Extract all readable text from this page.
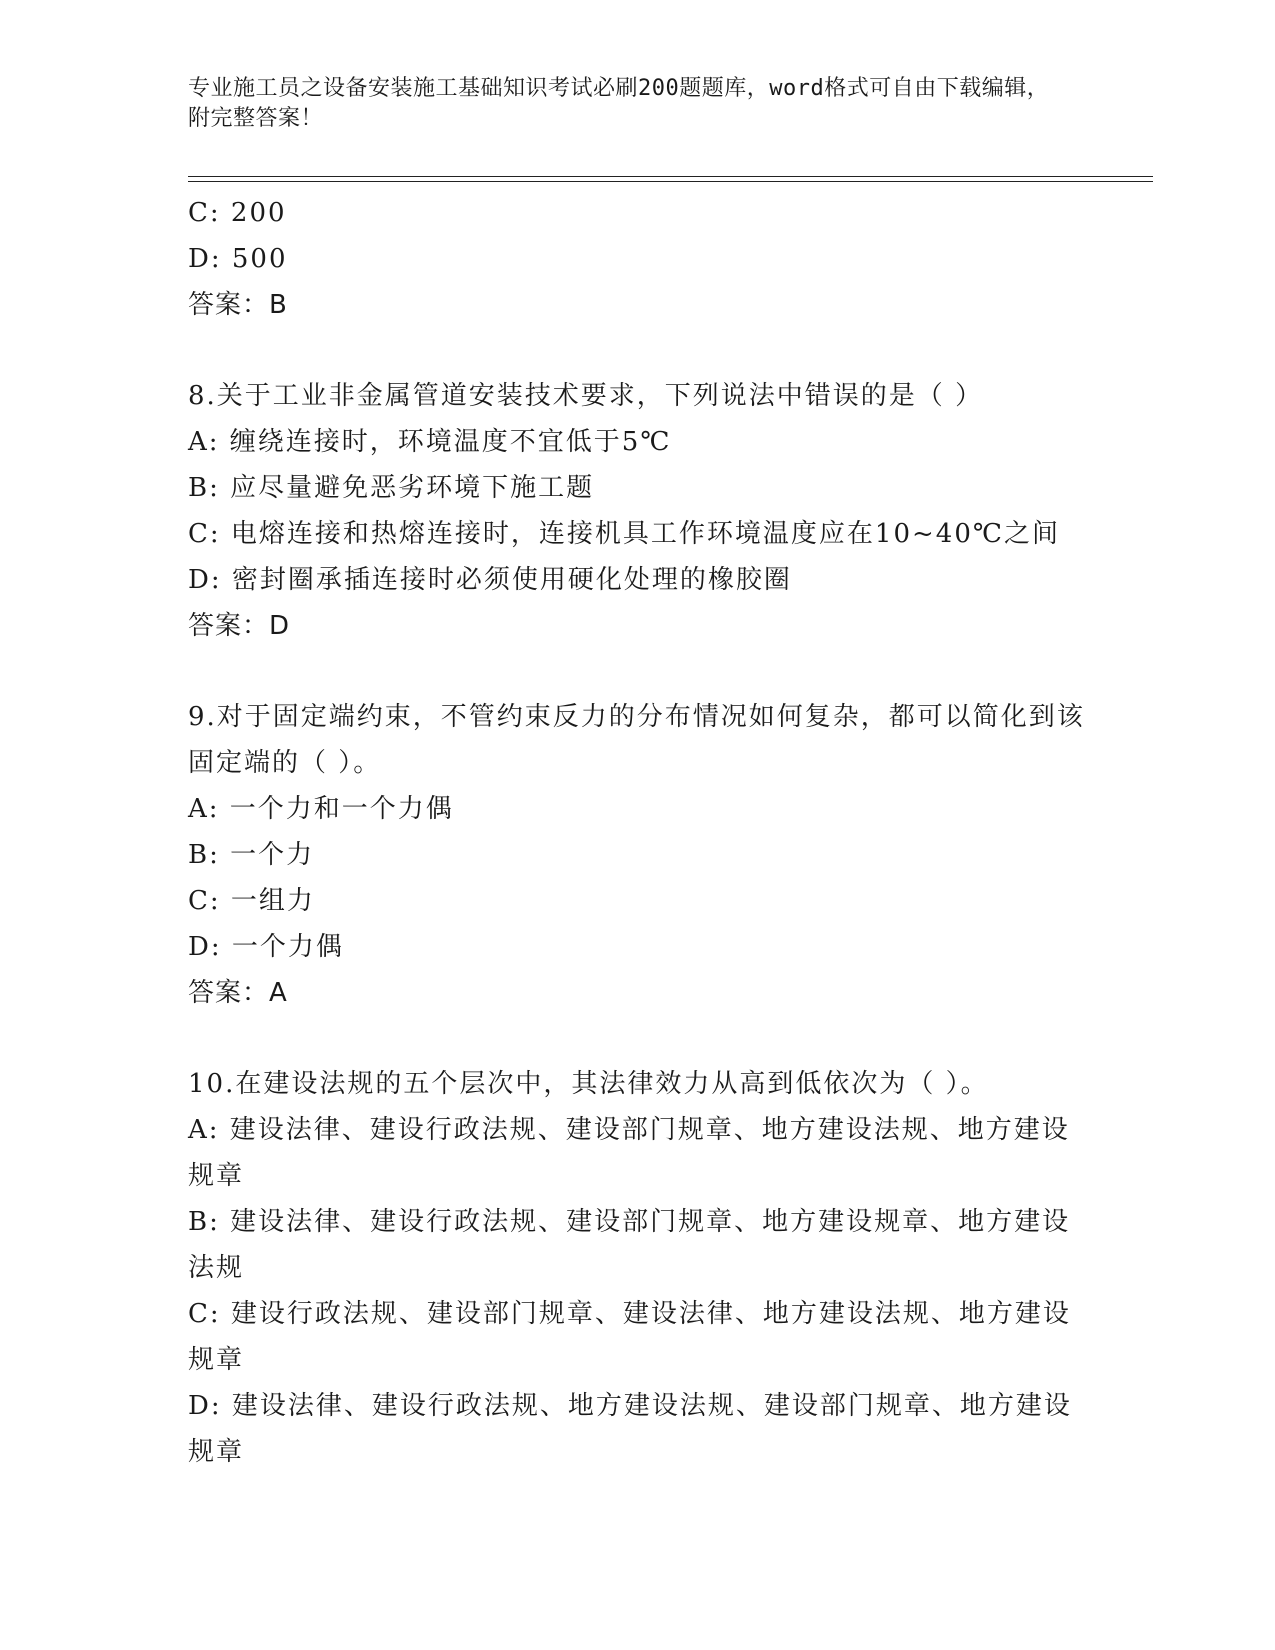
专业施工员之设备安装施工基础知识考试必刷200题题库，word格式可自由下载编辑，附完整答案！
C: 200
D: 500
答案：B
8.关于工业非金属管道安装技术要求，下列说法中错误的是（ ）
A: 缠绕连接时，环境温度不宜低于5℃
B: 应尽量避免恶劣环境下施工题
C: 电熔连接和热熔连接时，连接机具工作环境温度应在10~40℃之间
D: 密封圈承插连接时必须使用硬化处理的橡胶圈
答案：D
9.对于固定端约束，不管约束反力的分布情况如何复杂，都可以简化到该固定端的（ ）。
A: 一个力和一个力偶
B: 一个力
C: 一组力
D: 一个力偶
答案：A
10.在建设法规的五个层次中，其法律效力从高到低依次为（ ）。
A: 建设法律、建设行政法规、建设部门规章、地方建设法规、地方建设规章
B: 建设法律、建设行政法规、建设部门规章、地方建设规章、地方建设法规
C: 建设行政法规、建设部门规章、建设法律、地方建设法规、地方建设规章
D: 建设法律、建设行政法规、地方建设法规、建设部门规章、地方建设规章
